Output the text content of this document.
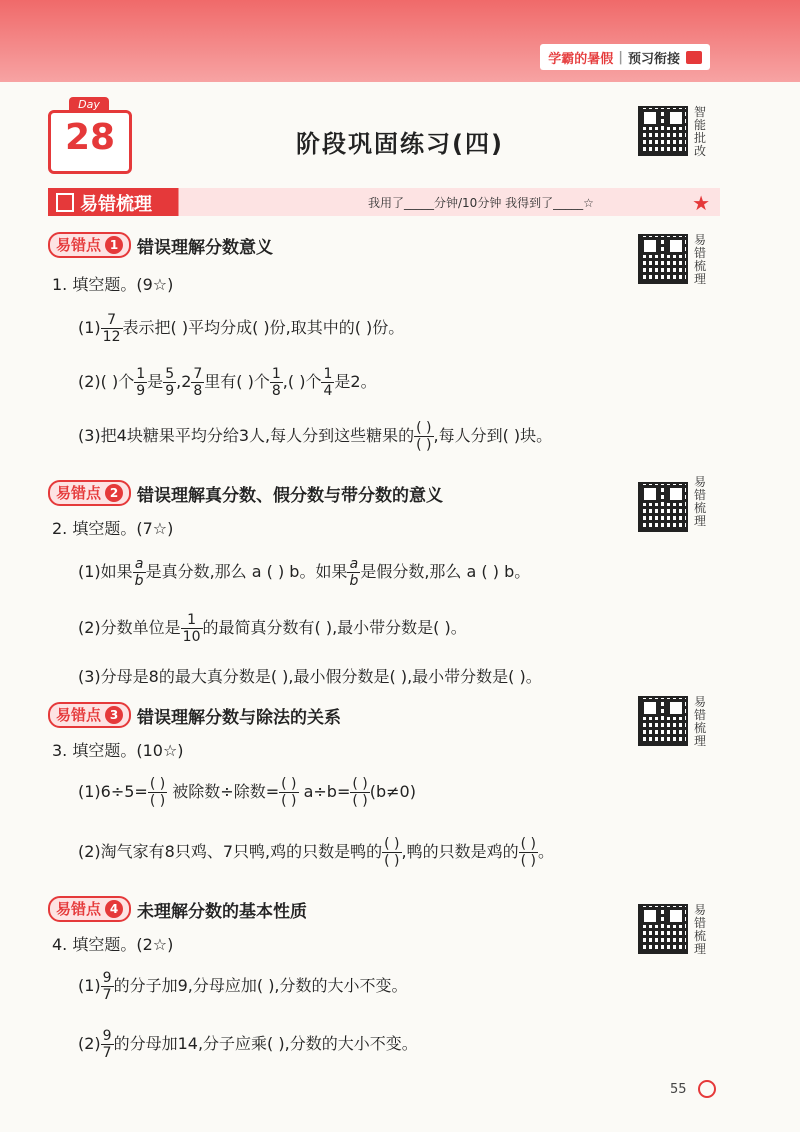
学霸的暑假 | 预习衔接
Day
28	阶段巩固练习(四)
智能批改
易错梳理	我用了_____分钟/10分钟 我得到了_____☆	★
易错点 1 错误理解分数意义	易错梳理
1. 填空题。(9☆)
$(1) \frac{7}{12}$ 表示把( )平均分成( )份,取其中的( )份。
(2)( )个 $\frac{1}{9}$ 是 $\frac{5}{9} ,2 \frac{7}{8}$ 里有( )个 $\frac{1}{8}$ ,( )个 $\frac{1}{4}$ 是2。
(3)把4块糖果平均分给3人,每人分到这些糖果的 $\frac{( )}{( )}$ ,每人分到( )块。
易错点 2 错误理解真分数、假分数与带分数的意义
易错梳理
2. 填空题。(7☆)
(1)如果 $\frac{a}{b}$ 是真分数,那么 a ( ) b。如果 $\frac{a}{b}$ 是假分数,那么 a ( ) b。
(2)分数单位是 $\frac{1}{10}$ 的最简真分数有( ),最小带分数是( )。
(3)分母是8的最大真分数是( ),最小假分数是( ),最小带分数是( )。
易错点 3 错误理解分数与除法的关系
易错梳理
3. 填空题。(10☆)
$(1)6\div 5= \frac{( )}{( )}$ 被除数÷除数= $\frac{( )}{( )} a\div b= \frac{( )}{( )} (b\ne 0)$
(2)淘气家有8只鸡、7只鸭,鸡的只数是鸭的 $\frac{( )}{( )}$ ,鸭的只数是鸡的 $\frac{( )}{( )}$ 。
易错点 4 未理解分数的基本性质	易错梳理
4. 填空题。(2☆)
$(1) \frac{9}{7}$ 的分子加9,分母应加( ),分数的大小不变。
$(2) \frac{9}{7}$ 的分母加14,分子应乘( ),分数的大小不变。
55
